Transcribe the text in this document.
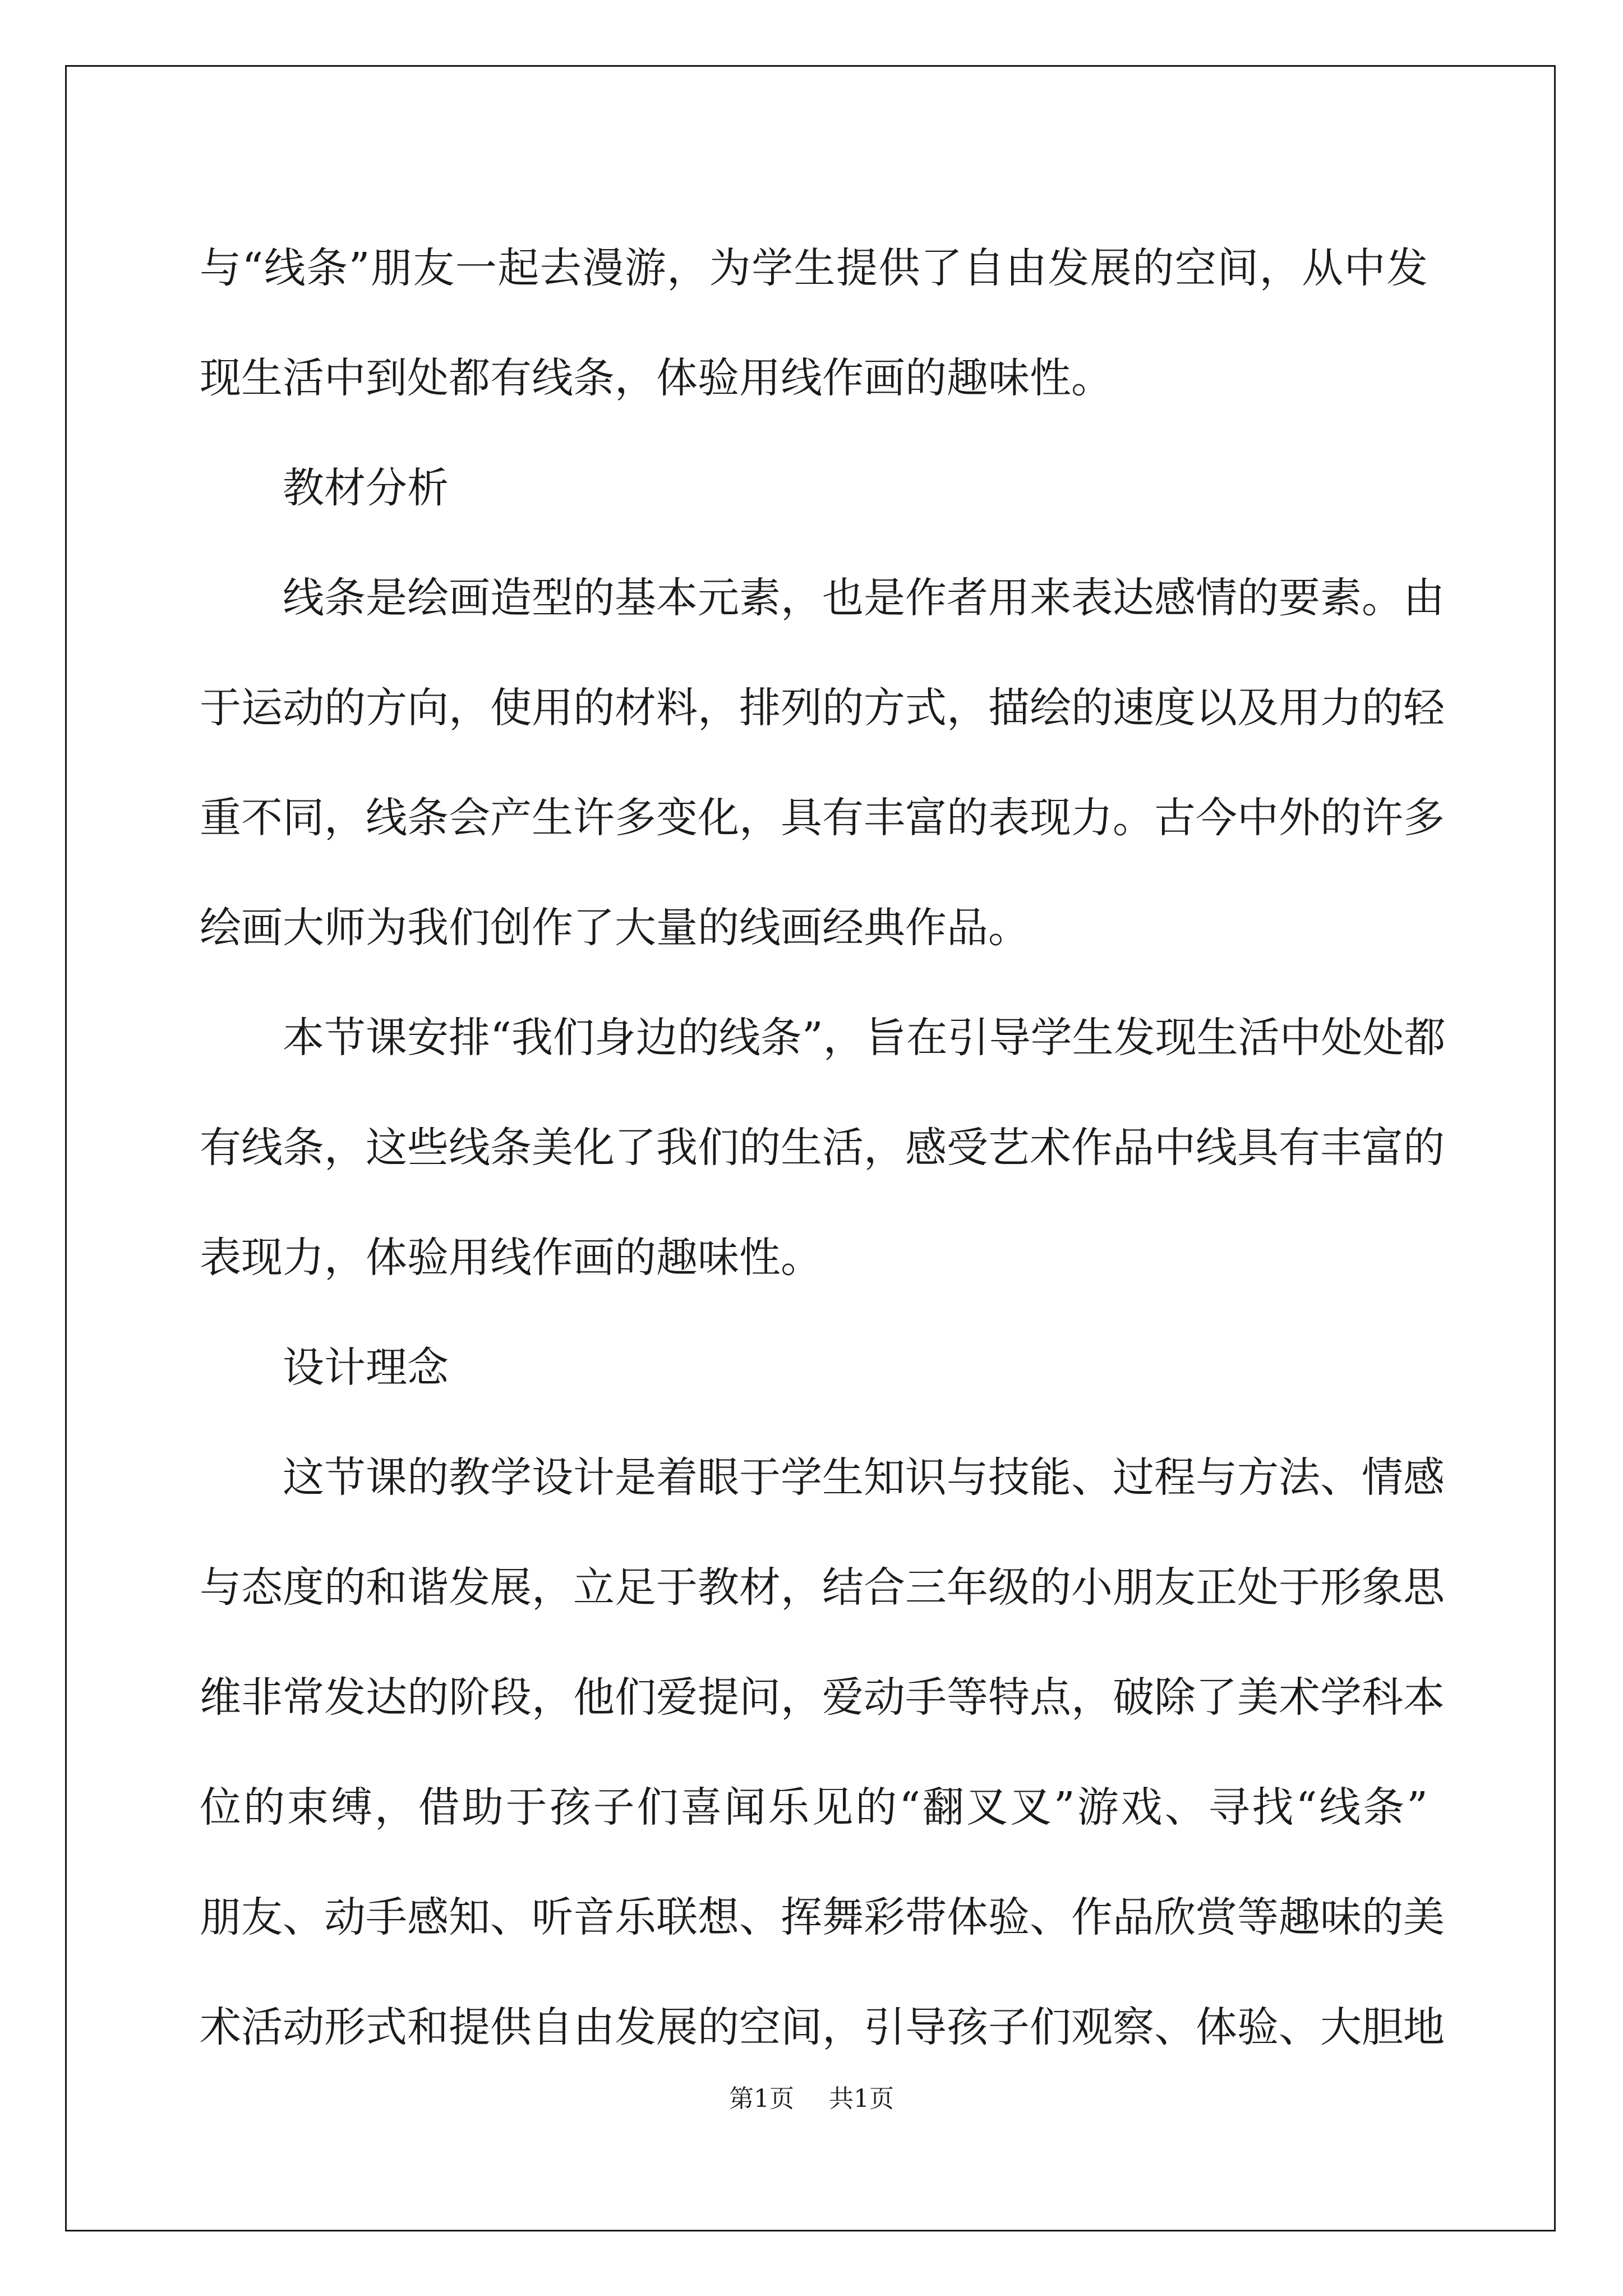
与“线条”朋友一起去漫游，为学生提供了自由发展的空间，从中发
现生活中到处都有线条，体验用线作画的趣味性。
教材分析
线条是绘画造型的基本元素，也是作者用来表达感情的要素。由
于运动的方向，使用的材料，排列的方式，描绘的速度以及用力的轻
重不同，线条会产生许多变化，具有丰富的表现力。古今中外的许多
绘画大师为我们创作了大量的线画经典作品。
本节课安排“我们身边的线条”，旨在引导学生发现生活中处处都
有线条，这些线条美化了我们的生活，感受艺术作品中线具有丰富的
表现力，体验用线作画的趣味性。
设计理念
这节课的教学设计是着眼于学生知识与技能、过程与方法、情感
与态度的和谐发展，立足于教材，结合三年级的小朋友正处于形象思
维非常发达的阶段，他们爱提问，爱动手等特点，破除了美术学科本
位的束缚，借助于孩子们喜闻乐见的“翻叉叉”游戏、寻找“线条”
朋友、动手感知、听音乐联想、挥舞彩带体验、作品欣赏等趣味的美
术活动形式和提供自由发展的空间，引导孩子们观察、体验、大胆地
第1页 共1页
